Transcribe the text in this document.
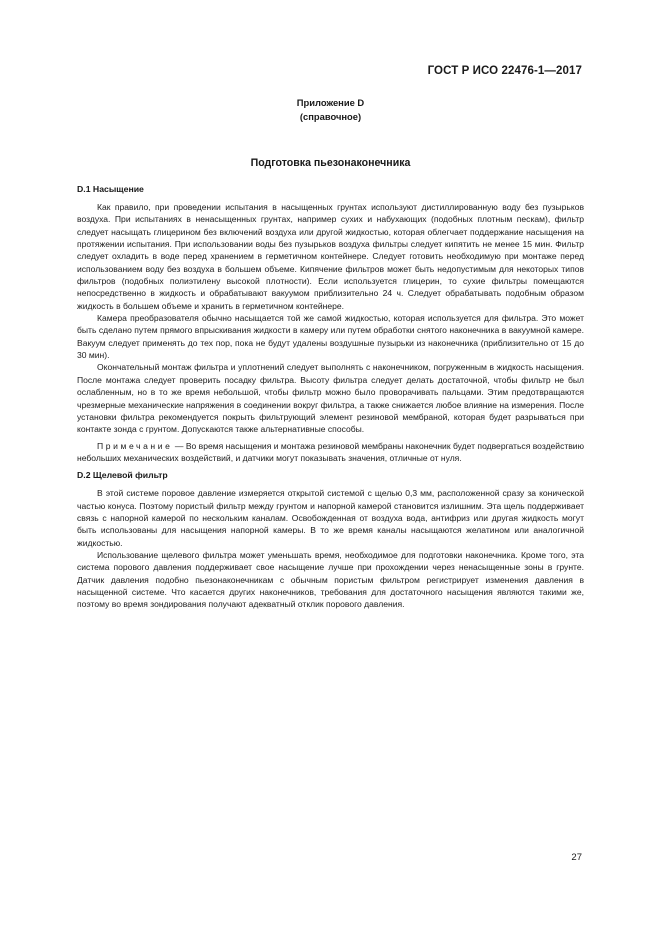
ГОСТ Р ИСО 22476-1—2017
Приложение D
(справочное)
Подготовка пьезонаконечника
D.1 Насыщение

Как правило, при проведении испытания в насыщенных грунтах используют дистиллированную воду без пузырьков воздуха. При испытаниях в ненасыщенных грунтах, например сухих и набухающих (подобных плотным пескам), фильтр следует насыщать глицерином без включений воздуха или другой жидкостью, которая облегчает поддержание насыщения на протяжении испытания. При использовании воды без пузырьков воздуха фильтры следует кипятить не менее 15 мин. Фильтр следует охладить в воде перед хранением в герметичном контейнере. Следует готовить необходимую при монтаже перед использованием воду без воздуха в большем объеме. Кипячение фильтров может быть недопустимым для некоторых типов фильтров (подобных полиэтилену высокой плотности). Если используется глицерин, то сухие фильтры помещаются непосредственно в жидкость и обрабатывают вакуумом приблизительно 24 ч. Следует обрабатывать подобным образом жидкость в большем объеме и хранить в герметичном контейнере.

Камера преобразователя обычно насыщается той же самой жидкостью, которая используется для фильтра. Это может быть сделано путем прямого впрыскивания жидкости в камеру или путем обработки снятого наконечника в вакуумной камере. Вакуум следует применять до тех пор, пока не будут удалены воздушные пузырьки из наконечника (приблизительно от 15 до 30 мин).

Окончательный монтаж фильтра и уплотнений следует выполнять с наконечником, погруженным в жидкость насыщения. После монтажа следует проверить посадку фильтра. Высоту фильтра следует делать достаточной, чтобы фильтр не был ослабленным, но в то же время небольшой, чтобы фильтр можно было проворачивать пальцами. Этим предотвращаются чрезмерные механические напряжения в соединении вокруг фильтра, а также снижается любое влияние на измерения. После установки фильтра рекомендуется покрыть фильтрующий элемент резиновой мембраной, которая будет разрываться при контакте зонда с грунтом. Допускаются также альтернативные способы.

Примечание — Во время насыщения и монтажа резиновой мембраны наконечник будет подвергаться воздействию небольших механических воздействий, и датчики могут показывать значения, отличные от нуля.

D.2 Щелевой фильтр

В этой системе поровое давление измеряется открытой системой с щелью 0,3 мм, расположенной сразу за конической частью конуса. Поэтому пористый фильтр между грунтом и напорной камерой становится излишним. Эта щель поддерживает связь с напорной камерой по нескольким каналам. Освобожденная от воздуха вода, антифриз или другая жидкость могут быть использованы для насыщения напорной камеры. В то же время каналы насыщаются желатином или аналогичной жидкостью.

Использование щелевого фильтра может уменьшать время, необходимое для подготовки наконечника. Кроме того, эта система порового давления поддерживает свое насыщение лучше при прохождении через ненасыщенные зоны в грунте. Датчик давления подобно пьезонаконечникам с обычным пористым фильтром регистрирует изменения давления в насыщенной системе. Что касается других наконечников, требования для достаточного насыщения являются такими же, поэтому во время зондирования получают адекватный отклик порового давления.

27
